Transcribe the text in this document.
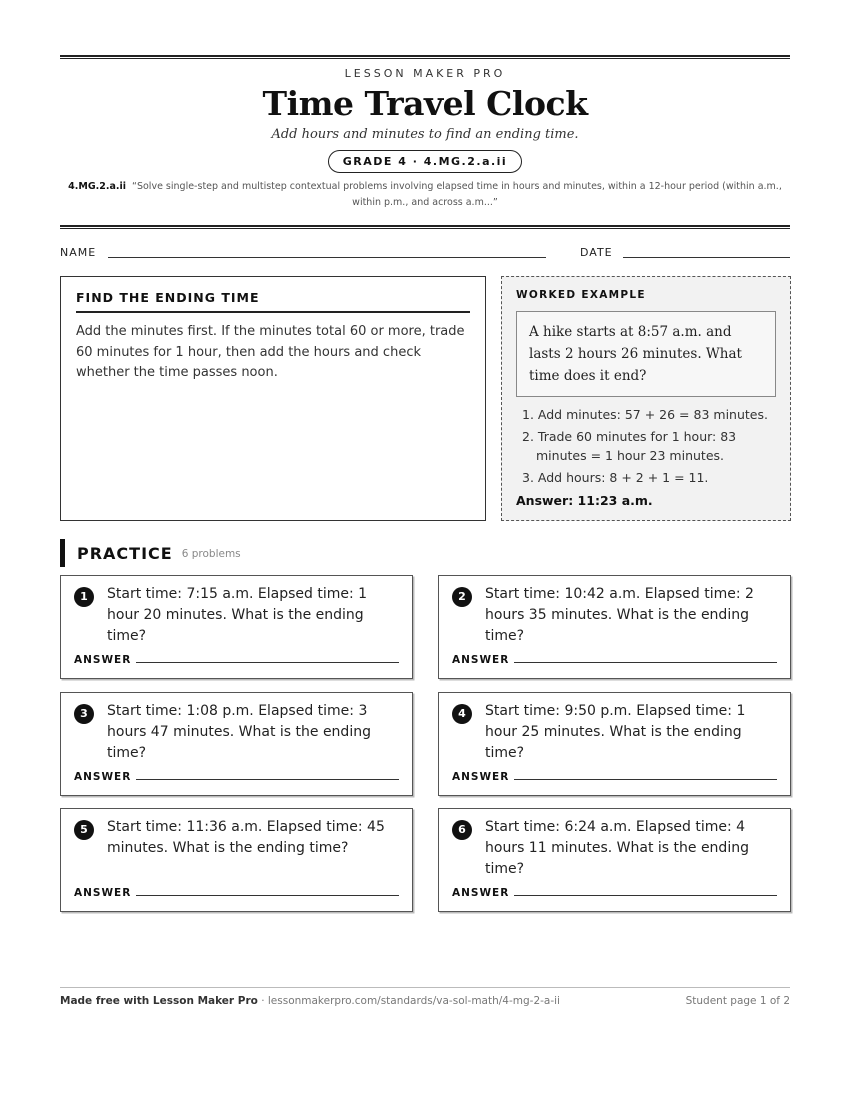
LESSON MAKER PRO
Time Travel Clock
Add hours and minutes to find an ending time.
GRADE 4 · 4.MG.2.a.ii
4.MG.2.a.ii “Solve single-step and multistep contextual problems involving elapsed time in hours and minutes, within a 12-hour period (within a.m., within p.m., and across a.m...”
NAME	DATE
FIND THE ENDING TIME
Add the minutes first. If the minutes total 60 or more, trade 60 minutes for 1 hour, then add the hours and check whether the time passes noon.
WORKED EXAMPLE
A hike starts at 8:57 a.m. and lasts 2 hours 26 minutes. What time does it end?
1. Add minutes: 57 + 26 = 83 minutes.
2. Trade 60 minutes for 1 hour: 83 minutes = 1 hour 23 minutes.
3. Add hours: 8 + 2 + 1 = 11.
Answer: 11:23 a.m.
PRACTICE 6 problems
1	Start time: 7:15 a.m. Elapsed time: 1 hour 20 minutes. What is the ending time?
ANSWER
2	Start time: 10:42 a.m. Elapsed time: 2 hours 35 minutes. What is the ending time?
ANSWER
3	Start time: 1:08 p.m. Elapsed time: 3 hours 47 minutes. What is the ending time?
ANSWER
4	Start time: 9:50 p.m. Elapsed time: 1 hour 25 minutes. What is the ending time?
ANSWER
5	Start time: 11:36 a.m. Elapsed time: 45 minutes. What is the ending time?
ANSWER
6	Start time: 6:24 a.m. Elapsed time: 4 hours 11 minutes. What is the ending time?
ANSWER
Made free with Lesson Maker Pro · lessonmakerpro.com/standards/va-sol-math/4-mg-2-a-ii	Student page 1 of 2
